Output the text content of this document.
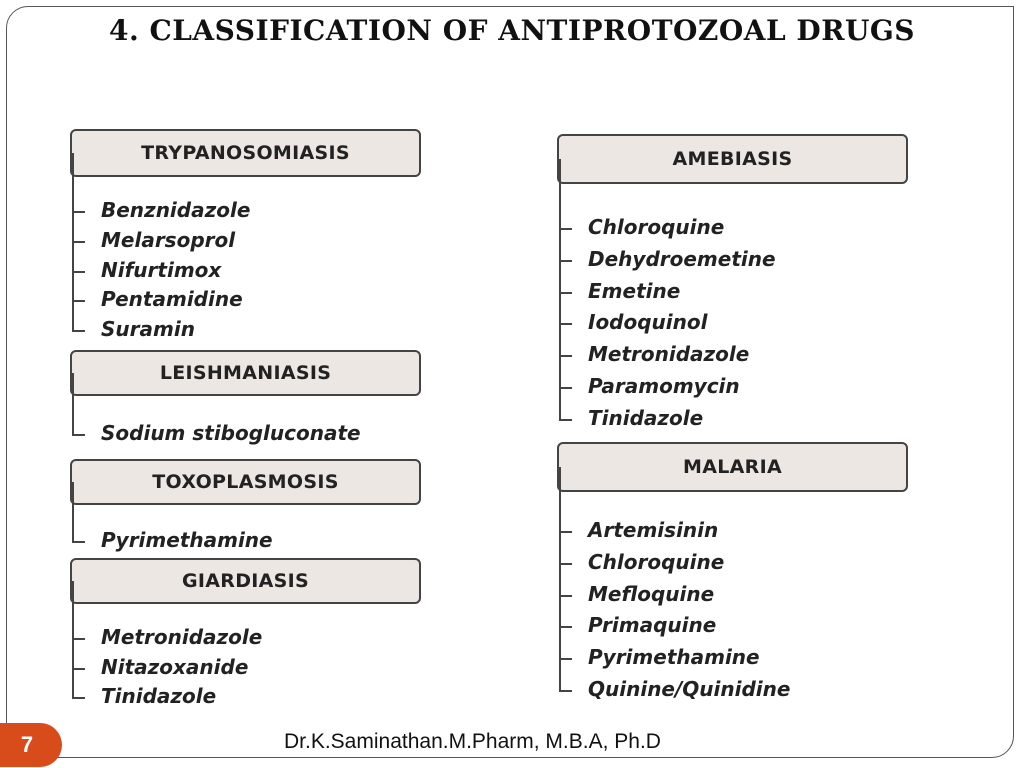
4. CLASSIFICATION OF ANTIPROTOZOAL DRUGS
TRYPANOSOMIASIS
Benznidazole
Melarsoprol
Nifurtimox
Pentamidine
Suramin
LEISHMANIASIS
Sodium stibogluconate
TOXOPLASMOSIS
Pyrimethamine
GIARDIASIS
Metronidazole
Nitazoxanide
Tinidazole
AMEBIASIS
Chloroquine
Dehydroemetine
Emetine
Iodoquinol
Metronidazole
Paramomycin
Tinidazole
MALARIA
Artemisinin
Chloroquine
Mefloquine
Primaquine
Pyrimethamine
Quinine/Quinidine
7	Dr.K.Saminathan.M.Pharm, M.B.A, Ph.D
